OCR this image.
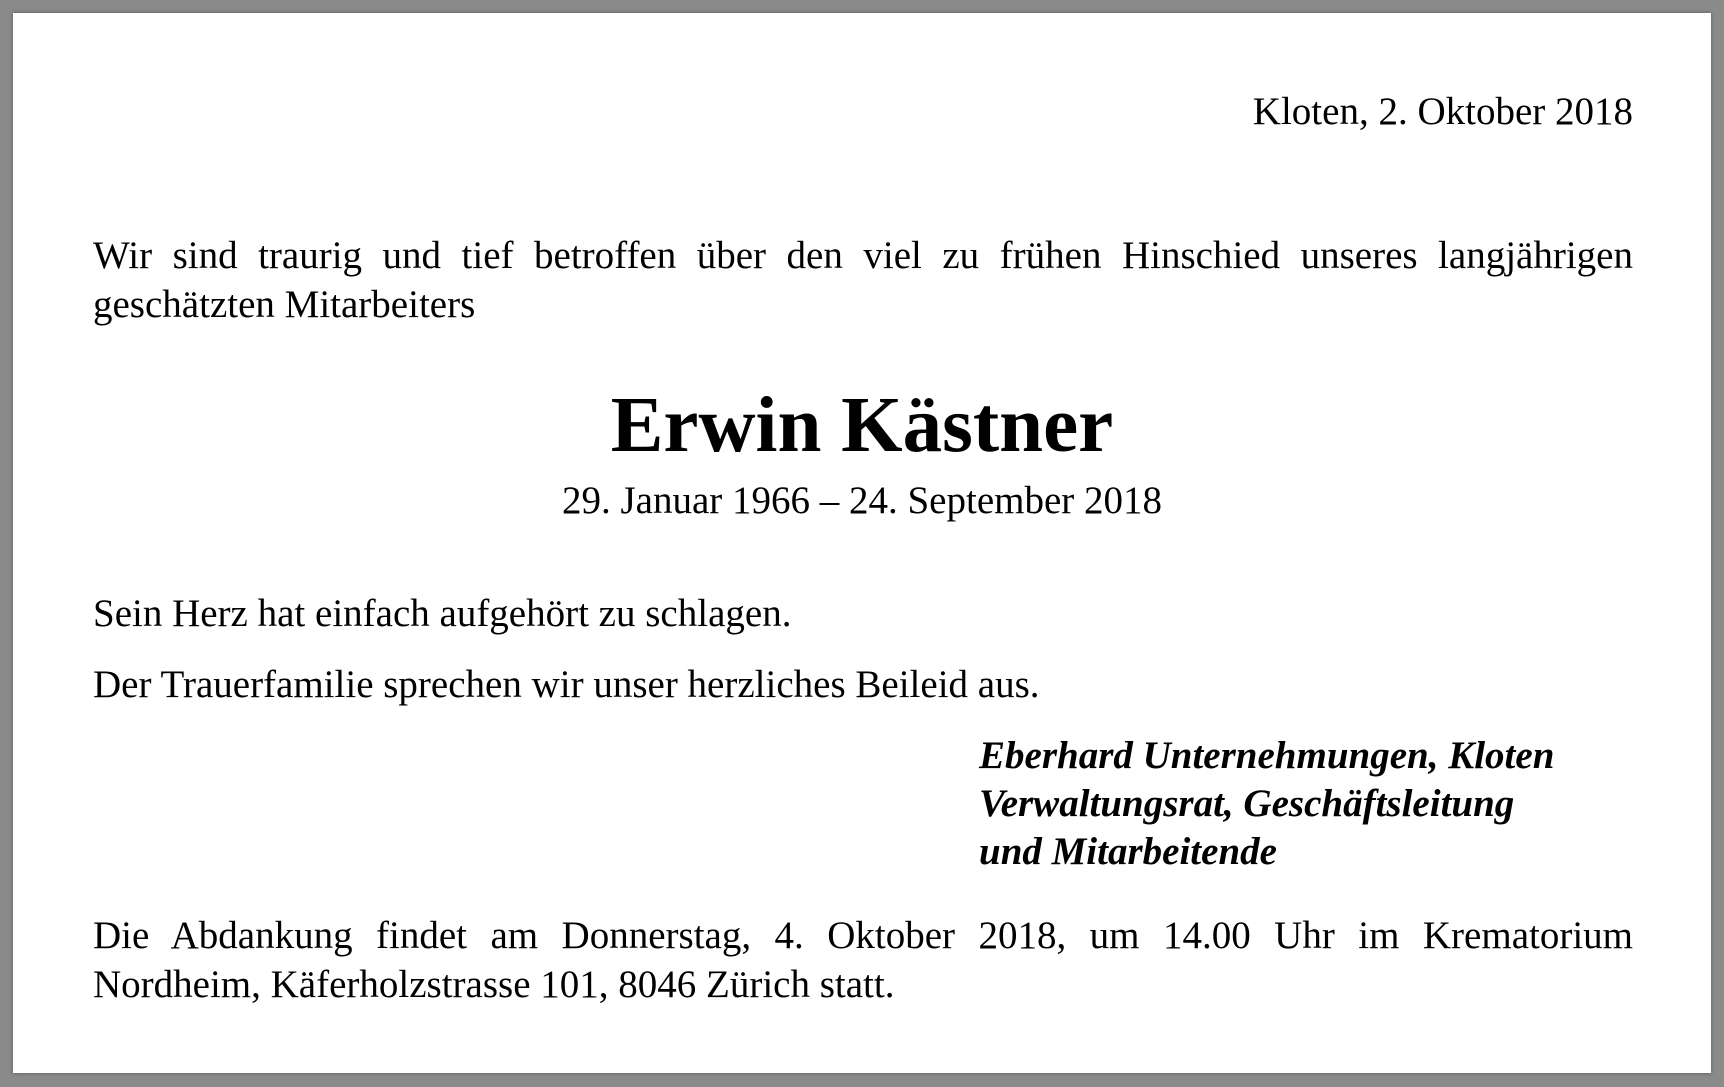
Kloten, 2. Oktober 2018

Wir sind traurig und tief betroffen über den viel zu frühen Hinschied unseres langjährigen geschätzten Mitarbeiters

Erwin Kästner

29. Januar 1966 – 24. September 2018

Sein Herz hat einfach aufgehört zu schlagen.

Der Trauerfamilie sprechen wir unser herzliches Beileid aus.

Eberhard Unternehmungen, Kloten
Verwaltungsrat, Geschäftsleitung
und Mitarbeitende

Die Abdankung findet am Donnerstag, 4. Oktober 2018, um 14.00 Uhr im Krematorium Nordheim, Käferholzstrasse 101, 8046 Zürich statt.
